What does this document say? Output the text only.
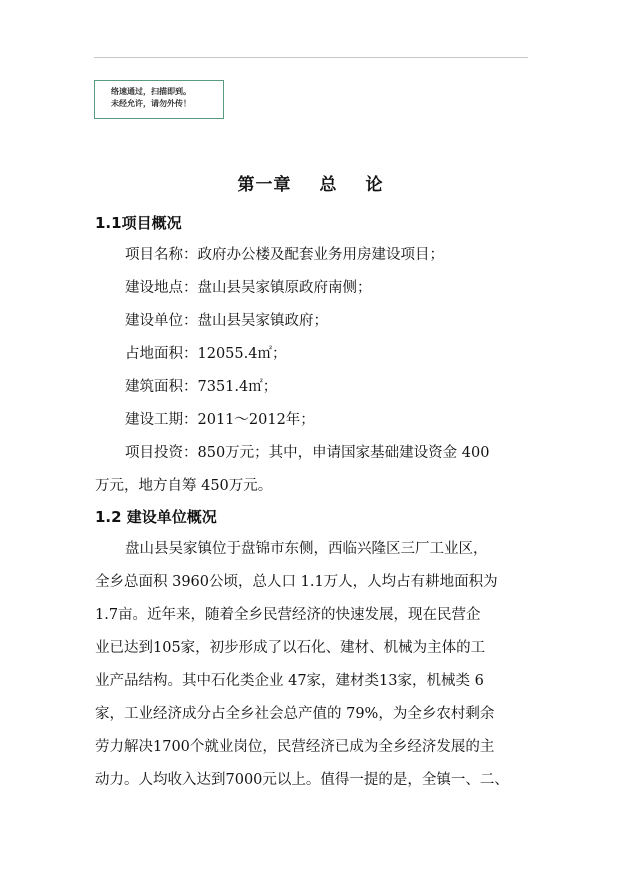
络速通过，扫描即到。
未经允许，请勿外传！
第一章 总 论
1.1项目概况
项目名称：政府办公楼及配套业务用房建设项目；
建设地点：盘山县吴家镇原政府南侧；
建设单位：盘山县吴家镇政府；
占地面积：12055.4㎡；
建筑面积：7351.4㎡；
建设工期：2011～2012年；
项目投资：850万元；其中，申请国家基础建设资金 400
万元，地方自筹 450万元。
1.2 建设单位概况
盘山县吴家镇位于盘锦市东侧，西临兴隆区三厂工业区，
全乡总面积 3960公顷，总人口 1.1万人，人均占有耕地面积为
1.7亩。近年来，随着全乡民营经济的快速发展，现在民营企
业已达到105家，初步形成了以石化、建材、机械为主体的工
业产品结构。其中石化类企业 47家，建材类13家，机械类 6
家，工业经济成分占全乡社会总产值的 79%，为全乡农村剩余
劳力解决1700个就业岗位，民营经济已成为全乡经济发展的主
动力。人均收入达到7000元以上。值得一提的是，全镇一、二、
